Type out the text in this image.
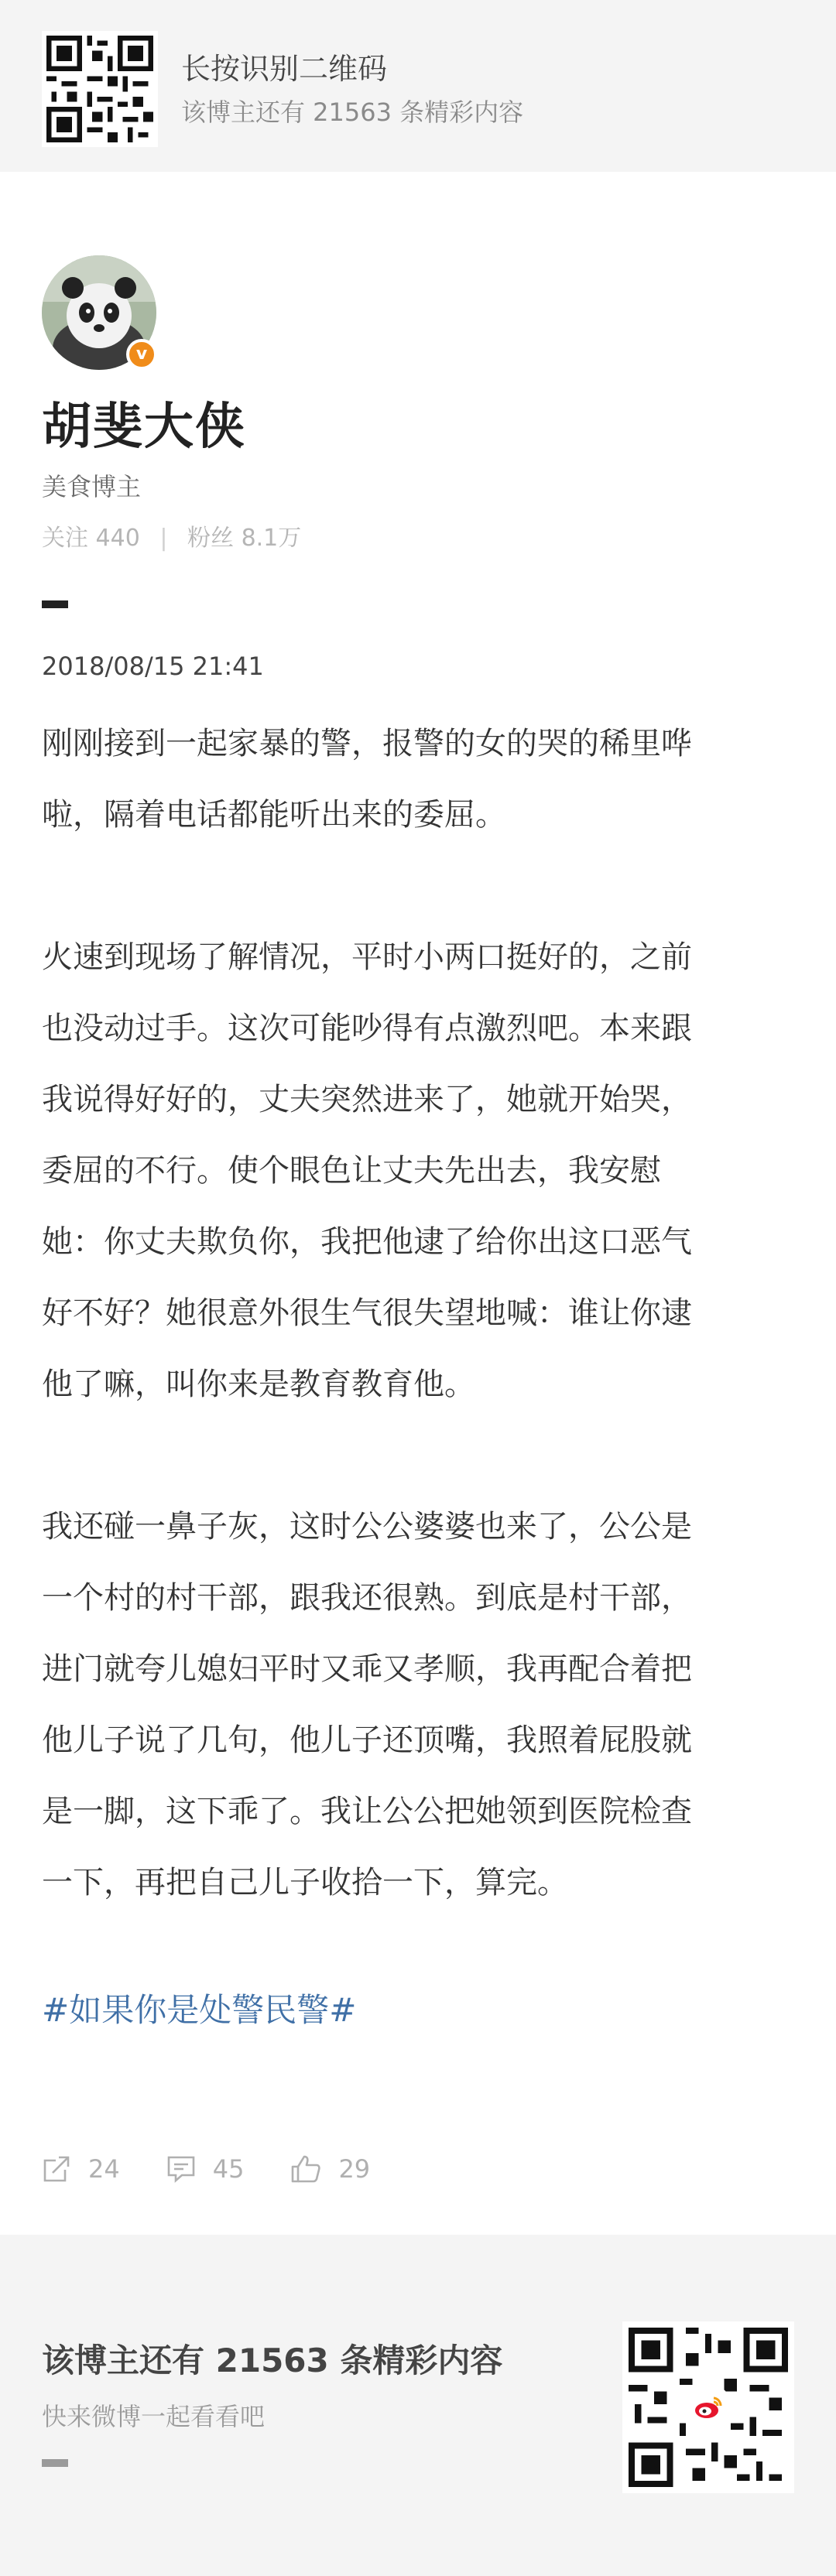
长按识别二维码
该博主还有 21563 条精彩内容
v
胡斐大侠
美食博主
关注 440 | 粉丝 8.1万
2018/08/15 21:41

刚刚接到一起家暴的警，报警的女的哭的稀里哗

啦，隔着电话都能听出来的委屈。

火速到现场了解情况，平时小两口挺好的，之前

也没动过手。这次可能吵得有点激烈吧。本来跟

我说得好好的，丈夫突然进来了，她就开始哭，

委屈的不行。使个眼色让丈夫先出去，我安慰

她：你丈夫欺负你，我把他逮了给你出这口恶气

好不好？她很意外很生气很失望地喊：谁让你逮

他了嘛，叫你来是教育教育他。

我还碰一鼻子灰，这时公公婆婆也来了，公公是

一个村的村干部，跟我还很熟。到底是村干部，

进门就夸儿媳妇平时又乖又孝顺，我再配合着把

他儿子说了几句，他儿子还顶嘴，我照着屁股就

是一脚，这下乖了。我让公公把她领到医院检查

一下，再把自己儿子收拾一下，算完。

#如果你是处警民警#
24	45	29
该博主还有 21563 条精彩内容
快来微博一起看看吧
